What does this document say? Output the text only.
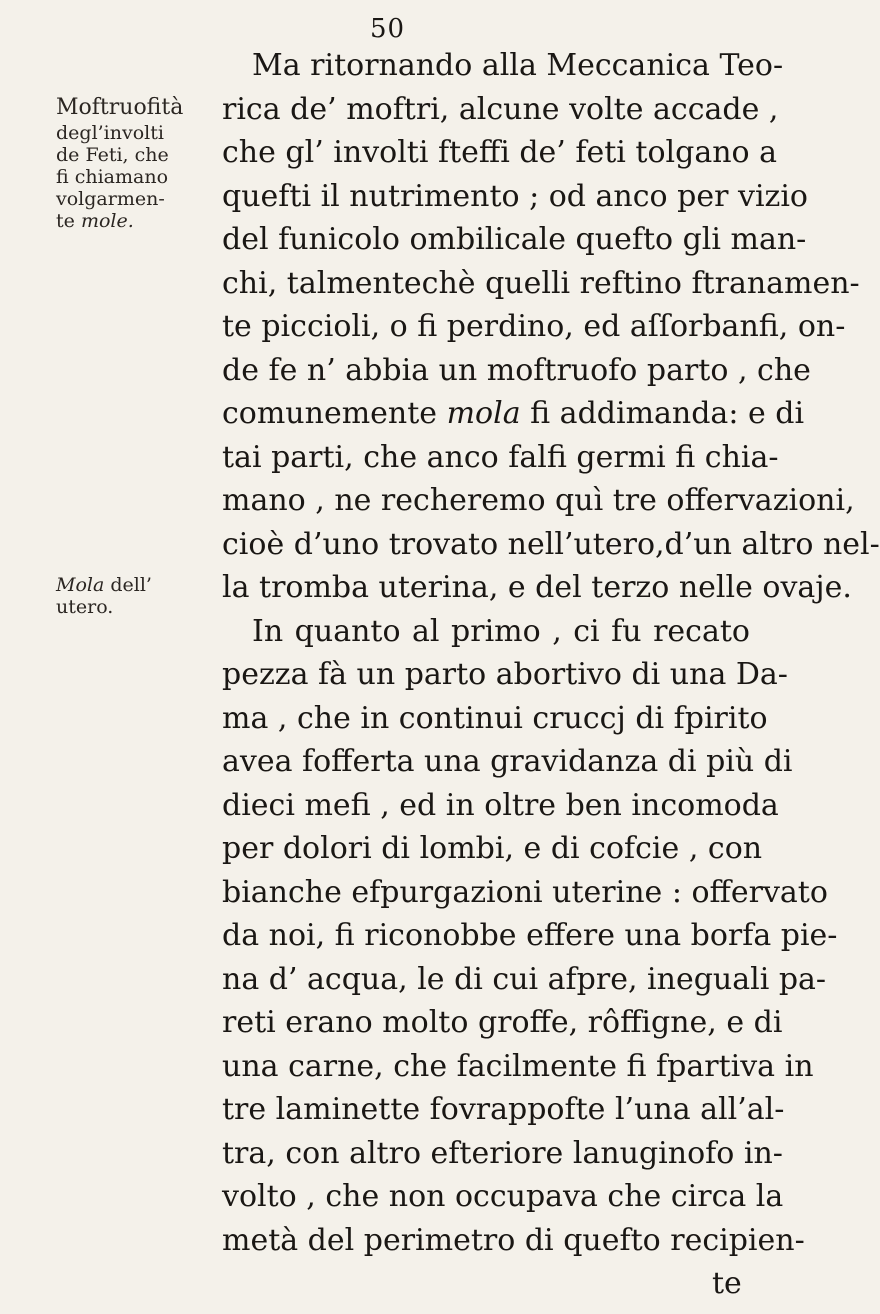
50
Moftruofità
degl’involti
de Feti, che
fi chiamano
volgarmen-
te mole.
Mola dell’
utero.
Ma ritornando alla Meccanica Teo-
rica de’ moftri, alcune volte accade ,
che gl’ involti fteffi de’ feti tolgano a
quefti il nutrimento ; od anco per vizio
del funicolo ombilicale quefto gli man-
chi, talmentechè quelli reftino ftranamen-
te piccioli, o fi perdino, ed aſſorbanfi, on-
de fe n’ abbia un moftruofo parto , che
comunemente mola fi addimanda: e di
tai parti, che anco falfi germi fi chia-
mano , ne recheremo quì tre offervazioni,
cioè d’uno trovato nell’utero,d’un altro nel-
la tromba uterina, e del terzo nelle ovaje.
In quanto al primo , ci fu recato
pezza fà un parto abortivo di una Da-
ma , che in continui cruccj di fpirito
avea fofferta una gravidanza di più di
dieci mefi , ed in oltre ben incomoda
per dolori di lombi, e di cofcie , con
bianche efpurgazioni uterine : offervato
da noi, fi riconobbe effere una borfa pie-
na d’ acqua, le di cui afpre, ineguali pa-
reti erano molto groffe, rôffigne, e di
una carne, che facilmente fi fpartiva in
tre laminette fovrappofte l’una all’al-
tra, con altro efteriore lanuginofo in-
volto , che non occupava che circa la
metà del perimetro di quefto recipien-
te
